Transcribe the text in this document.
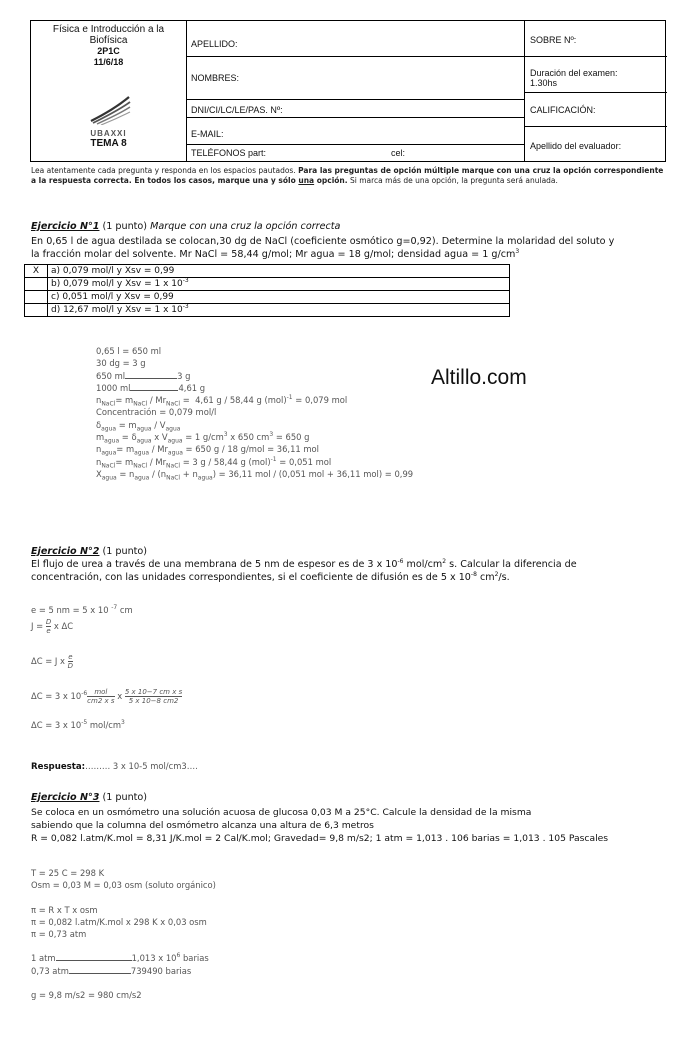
Física e Introducción a la
Biofísica
2P1C
11/6/18
UBAXXI
TEMA 8
APELLIDO:
NOMBRES:
DNI/CI/LC/LE/PAS. Nº:
E-MAIL:
TELÉFONOS part:	cel:
SOBRE Nº:
Duración del examen:
1.30hs
CALIFICACIÓN:
Apellido del evaluador:
Lea atentamente cada pregunta y responda en los espacios pautados. Para las preguntas de opción múltiple marque con una cruz la opción correspondiente a la respuesta correcta. En todos los casos, marque una y sólo una opción. Si marca más de una opción, la pregunta será anulada.
Ejercicio N°1 (1 punto) Marque con una cruz la opción correcta
En 0,65 l de agua destilada se colocan,30 dg de NaCl (coeficiente osmótico g=0,92). Determine la molaridad del soluto y
la fracción molar del solvente. Mr NaCl = 58,44 g/mol; Mr agua = 18 g/mol; densidad agua = 1 $g/cm^3$
X	a) 0,079 mol/l y Xsv = 0,99
	b) 0,079 mol/l y Xsv = 1 x $10^{-3}$
	c) 0,051 mol/l y Xsv = 0,99
	d) 12,67 mol/l y Xsv = 1 x $10^{-3}$
Altillo.com
0,65 l = 650 ml
30 dg = 3 g
650 ml	3 g
1000 ml	4,61 g
$n_{NaCl}= m_{NaCl} / Mr_{NaCl} = 4,61$ g / 58,44 g (mol)$^{-1}$ = 0,079 mol
Concentración = 0,079 mol/l
$\delta_{agua} = m_{agua} / V_{agua}$
$m_{agua} = \delta_{agua}$ x $V_{agua} = 1$ $g/cm^3$ x 650 $cm^3 = 650$ g
$n_{agua}= m_{agua} / Mr_{agua} = 650$ g / 18 g/mol = 36,11 mol
$n_{NaCl}= m_{NaCl} / Mr_{NaCl} = 3$ g / 58,44 g (mol)$^{-1}$ = 0,051 mol
$X_{agua} = n_{agua} / (n_{NaCl} + n_{agua}) = 36,11$ mol / (0,051 mol + 36,11 mol) = 0,99
Ejercicio N°2 (1 punto)
El flujo de urea a través de una membrana de 5 nm de espesor es de 3 x $10^{-6}$ mol/$cm^2$ s. Calcular la diferencia de
concentración, con las unidades correspondientes, si el coeficiente de difusión es de 5 x $10^{-8}$ $cm^2/s$.
e = 5 nm = 5 x 10 $^{-7}$ cm
$J = \frac{D}{e}$ x ΔC
ΔC = J x $\frac{e}{D}$
ΔC = 3 x $10^{-6} \frac{\text{mol}}{\text{cm2 x s}}$ x $\frac{\text{5 x 10−7 cm x s}}{5 x 10-8 cm2}$
ΔC = 3 x $10^{-5}$ mol/$cm^3$
Respuesta:……… 3 x 10-5 mol/cm3….
Ejercicio N°3 (1 punto)
Se coloca en un osmómetro una solución acuosa de glucosa 0,03 M a 25°C. Calcule la densidad de la misma
sabiendo que la columna del osmómetro alcanza una altura de 6,3 metros
R = 0,082 l.atm/K.mol = 8,31 J/K.mol = 2 Cal/K.mol; Gravedad= 9,8 m/s2; 1 atm = 1,013 . 106 barias = 1,013 . 105 Pascales
T = 25 C = 298 K
Osm = 0,03 M = 0,03 osm (soluto orgánico)
π = R x T x osm
π = 0,082 l.atm/K.mol x 298 K x 0,03 osm
π = 0,73 atm
1 atm	1,013 x $10^6$ barias
0,73 atm	739490 barias
g = 9,8 m/s2 = 980 cm/s2
